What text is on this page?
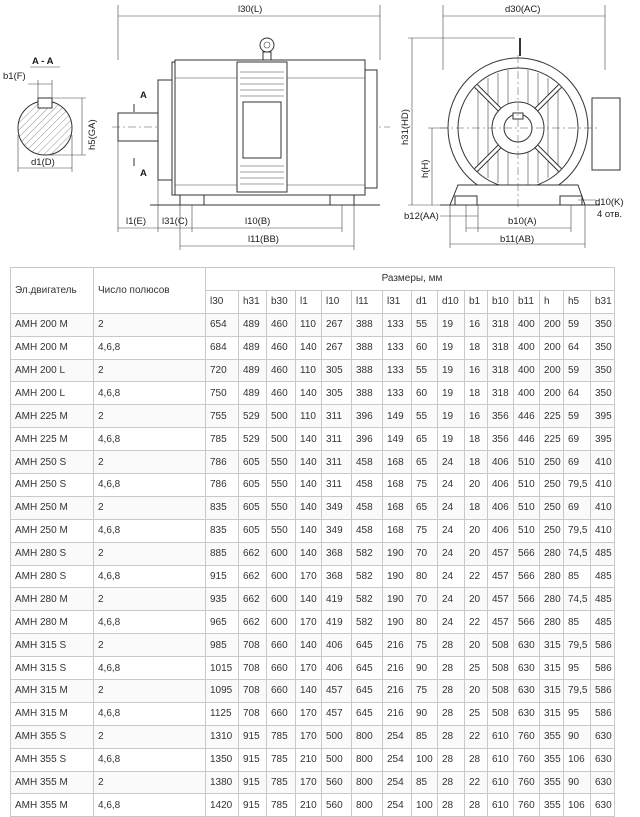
A - A
b1(F)
h5(GA)
d1(D)
l30(L)
A
A
l1(E) l31(C)	l10(B)
l11(BB)
d30(AC)
h31(HD)
h(H)
b12(AA)	b10(A)
b11(AB)
d10(K)
4 отв.
Эл.двигатель	Число полюсов	Размеры, мм														
		l30	h31	b30	l1	l10	l11	l31	d1	d10	b1	b10	b11	h	h5	b31
АМН 200 М	2	654	489	460	110	267	388	133	55	19	16	318	400	200	59	350
АМН 200 М	4,6,8	684	489	460	140	267	388	133	60	19	18	318	400	200	64	350
АМН 200 L	2	720	489	460	110	305	388	133	55	19	16	318	400	200	59	350
АМН 200 L	4,6,8	750	489	460	140	305	388	133	60	19	18	318	400	200	64	350
АМН 225 М	2	755	529	500	110	311	396	149	55	19	16	356	446	225	59	395
АМН 225 М	4,6,8	785	529	500	140	311	396	149	65	19	18	356	446	225	69	395
АМН 250 S	2	786	605	550	140	311	458	168	65	24	18	406	510	250	69	410
АМН 250 S	4,6,8	786	605	550	140	311	458	168	75	24	20	406	510	250	79,5	410
АМН 250 М	2	835	605	550	140	349	458	168	65	24	18	406	510	250	69	410
АМН 250 М	4,6,8	835	605	550	140	349	458	168	75	24	20	406	510	250	79,5	410
АМН 280 S	2	885	662	600	140	368	582	190	70	24	20	457	566	280	74,5	485
АМН 280 S	4,6,8	915	662	600	170	368	582	190	80	24	22	457	566	280	85	485
АМН 280 М	2	935	662	600	140	419	582	190	70	24	20	457	566	280	74,5	485
АМН 280 М	4,6,8	965	662	600	170	419	582	190	80	24	22	457	566	280	85	485
АМН 315 S	2	985	708	660	140	406	645	216	75	28	20	508	630	315	79,5	586
АМН 315 S	4,6,8	1015	708	660	170	406	645	216	90	28	25	508	630	315	95	586
АМН 315 М	2	1095	708	660	140	457	645	216	75	28	20	508	630	315	79,5	586
АМН 315 М	4,6,8	1125	708	660	170	457	645	216	90	28	25	508	630	315	95	586
АМН 355 S	2	1310	915	785	170	500	800	254	85	28	22	610	760	355	90	630
АМН 355 S	4,6,8	1350	915	785	210	500	800	254	100	28	28	610	760	355	106	630
АМН 355 М	2	1380	915	785	170	560	800	254	85	28	22	610	760	355	90	630
АМН 355 М	4,6,8	1420	915	785	210	560	800	254	100	28	28	610	760	355	106	630
